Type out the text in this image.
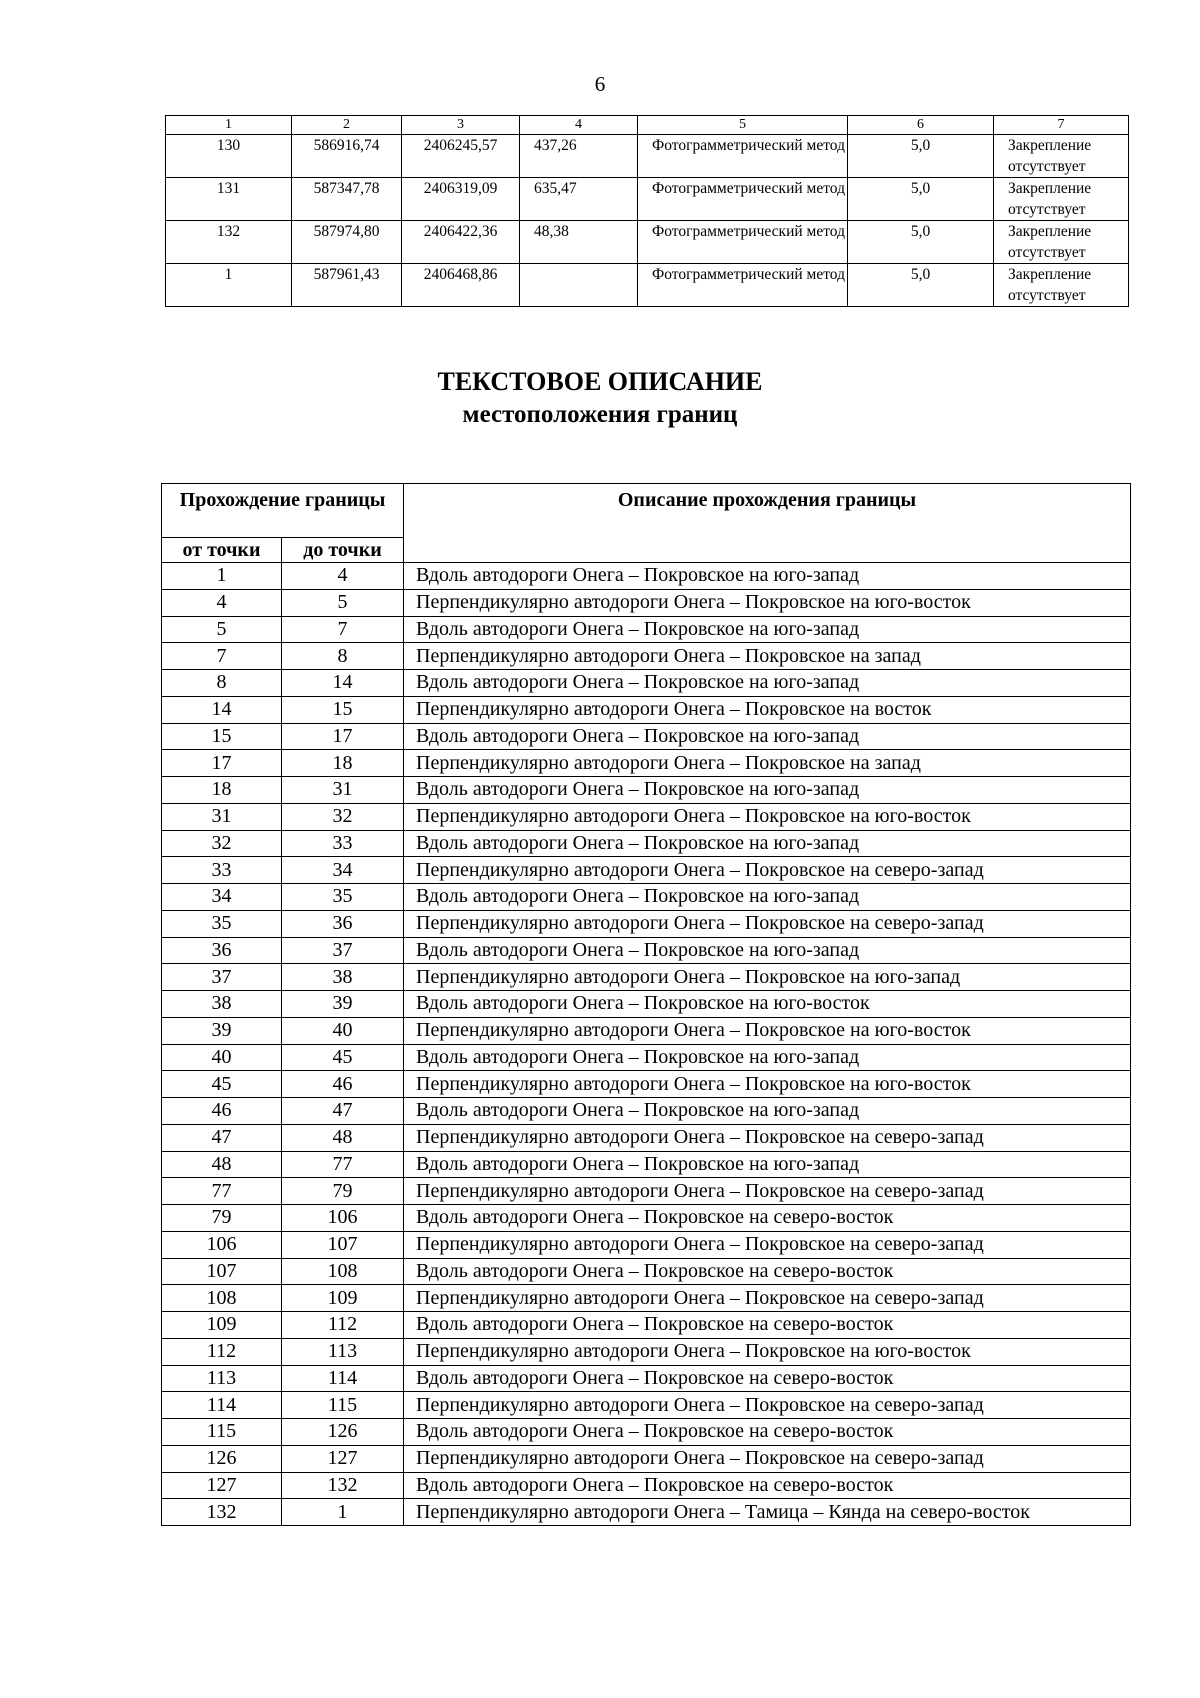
6
1	2	3	4	5	6	7
130	586916,74	2406245,57	437,26	Фотограмметрический метод	5,0	Закрепление отсутствует
131	587347,78	2406319,09	635,47	Фотограмметрический метод	5,0	Закрепление отсутствует
132	587974,80	2406422,36	48,38	Фотограмметрический метод	5,0	Закрепление отсутствует
1	587961,43	2406468,86		Фотограмметрический метод	5,0	Закрепление отсутствует
ТЕКСТОВОЕ ОПИСАНИЕ
местоположения границ
Прохождение границы		Описание прохождения границы
от точки	до точки	
1	4	Вдоль автодороги Онега – Покровское на юго-запад
4	5	Перпендикулярно автодороги Онега – Покровское на юго-восток
5	7	Вдоль автодороги Онега – Покровское на юго-запад
7	8	Перпендикулярно автодороги Онега – Покровское на запад
8	14	Вдоль автодороги Онега – Покровское на юго-запад
14	15	Перпендикулярно автодороги Онега – Покровское на восток
15	17	Вдоль автодороги Онега – Покровское на юго-запад
17	18	Перпендикулярно автодороги Онега – Покровское на запад
18	31	Вдоль автодороги Онега – Покровское на юго-запад
31	32	Перпендикулярно автодороги Онега – Покровское на юго-восток
32	33	Вдоль автодороги Онега – Покровское на юго-запад
33	34	Перпендикулярно автодороги Онега – Покровское на северо-запад
34	35	Вдоль автодороги Онега – Покровское на юго-запад
35	36	Перпендикулярно автодороги Онега – Покровское на северо-запад
36	37	Вдоль автодороги Онега – Покровское на юго-запад
37	38	Перпендикулярно автодороги Онега – Покровское на юго-запад
38	39	Вдоль автодороги Онега – Покровское на юго-восток
39	40	Перпендикулярно автодороги Онега – Покровское на юго-восток
40	45	Вдоль автодороги Онега – Покровское на юго-запад
45	46	Перпендикулярно автодороги Онега – Покровское на юго-восток
46	47	Вдоль автодороги Онега – Покровское на юго-запад
47	48	Перпендикулярно автодороги Онега – Покровское на северо-запад
48	77	Вдоль автодороги Онега – Покровское на юго-запад
77	79	Перпендикулярно автодороги Онега – Покровское на северо-запад
79	106	Вдоль автодороги Онега – Покровское на северо-восток
106	107	Перпендикулярно автодороги Онега – Покровское на северо-запад
107	108	Вдоль автодороги Онега – Покровское на северо-восток
108	109	Перпендикулярно автодороги Онега – Покровское на северо-запад
109	112	Вдоль автодороги Онега – Покровское на северо-восток
112	113	Перпендикулярно автодороги Онега – Покровское на юго-восток
113	114	Вдоль автодороги Онега – Покровское на северо-восток
114	115	Перпендикулярно автодороги Онега – Покровское на северо-запад
115	126	Вдоль автодороги Онега – Покровское на северо-восток
126	127	Перпендикулярно автодороги Онега – Покровское на северо-запад
127	132	Вдоль автодороги Онега – Покровское на северо-восток
132	1	Перпендикулярно автодороги Онега – Тамица – Кянда на северо-восток
